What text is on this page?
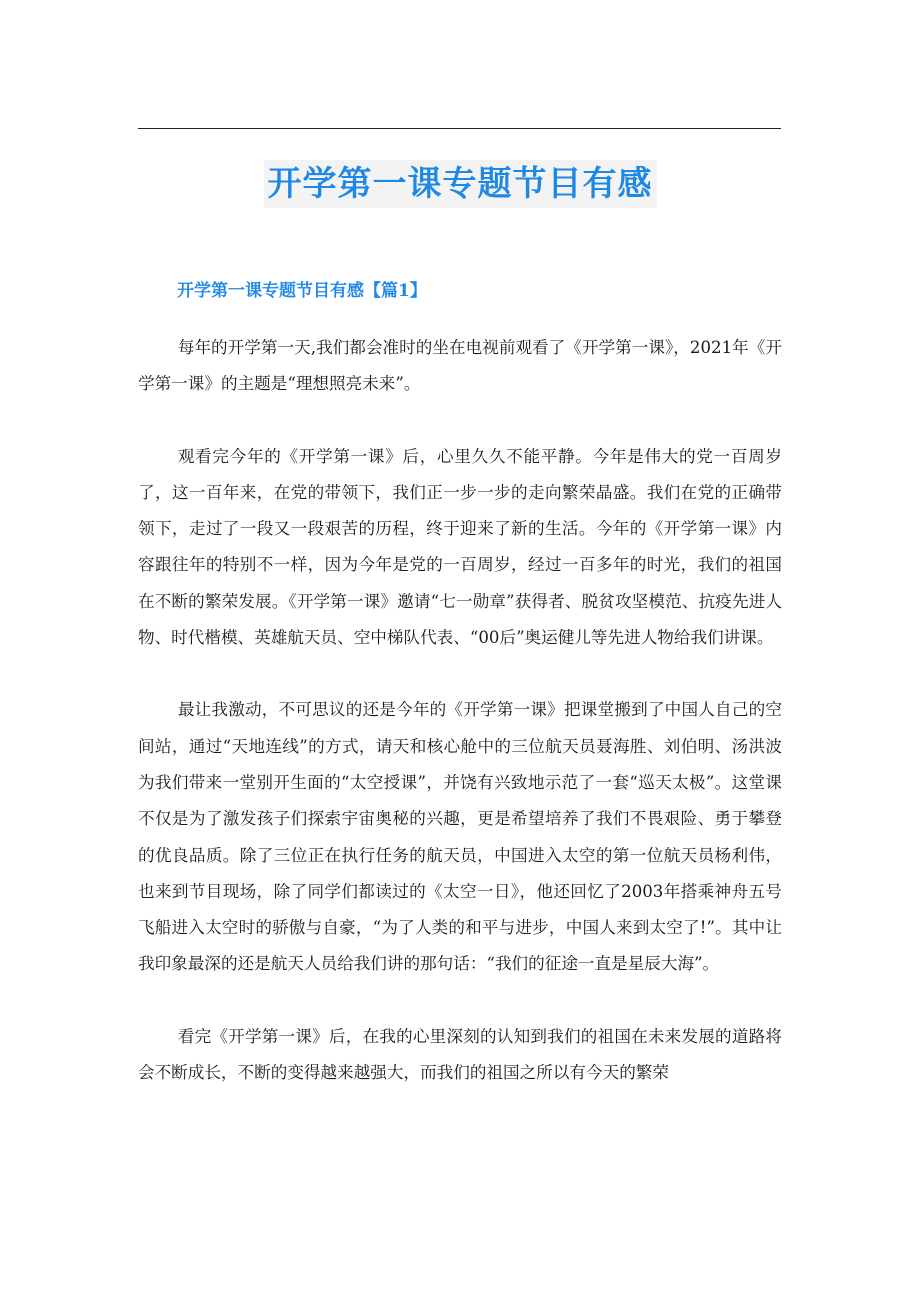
开学第一课专题节目有感
开学第一课专题节目有感【篇1】

每年的开学第一天,我们都会准时的坐在电视前观看了《开学第一课》，2021年《开学第一课》的主题是“理想照亮未来”。

观看完今年的《开学第一课》后，心里久久不能平静。今年是伟大的党一百周岁了，这一百年来，在党的带领下，我们正一步一步的走向繁荣晶盛。我们在党的正确带领下，走过了一段又一段艰苦的历程，终于迎来了新的生活。今年的《开学第一课》内容跟往年的特别不一样，因为今年是党的一百周岁，经过一百多年的时光，我们的祖国在不断的繁荣发展。《开学第一课》邀请“七一勋章”获得者、脱贫攻坚模范、抗疫先进人物、时代楷模、英雄航天员、空中梯队代表、“00后”奥运健儿等先进人物给我们讲课。

最让我激动，不可思议的还是今年的《开学第一课》把课堂搬到了中国人自己的空间站，通过“天地连线”的方式，请天和核心舱中的三位航天员聂海胜、刘伯明、汤洪波为我们带来一堂别开生面的“太空授课”，并饶有兴致地示范了一套“巡天太极”。这堂课不仅是为了激发孩子们探索宇宙奥秘的兴趣，更是希望培养了我们不畏艰险、勇于攀登的优良品质。除了三位正在执行任务的航天员，中国进入太空的第一位航天员杨利伟，也来到节目现场，除了同学们都读过的《太空一日》，他还回忆了2003年搭乘神舟五号飞船进入太空时的骄傲与自豪，“为了人类的和平与进步，中国人来到太空了!”。其中让我印象最深的还是航天人员给我们讲的那句话：“我们的征途一直是星辰大海”。

看完《开学第一课》后，在我的心里深刻的认知到我们的祖国在未来发展的道路将会不断成长，不断的变得越来越强大，而我们的祖国之所以有今天的繁荣
